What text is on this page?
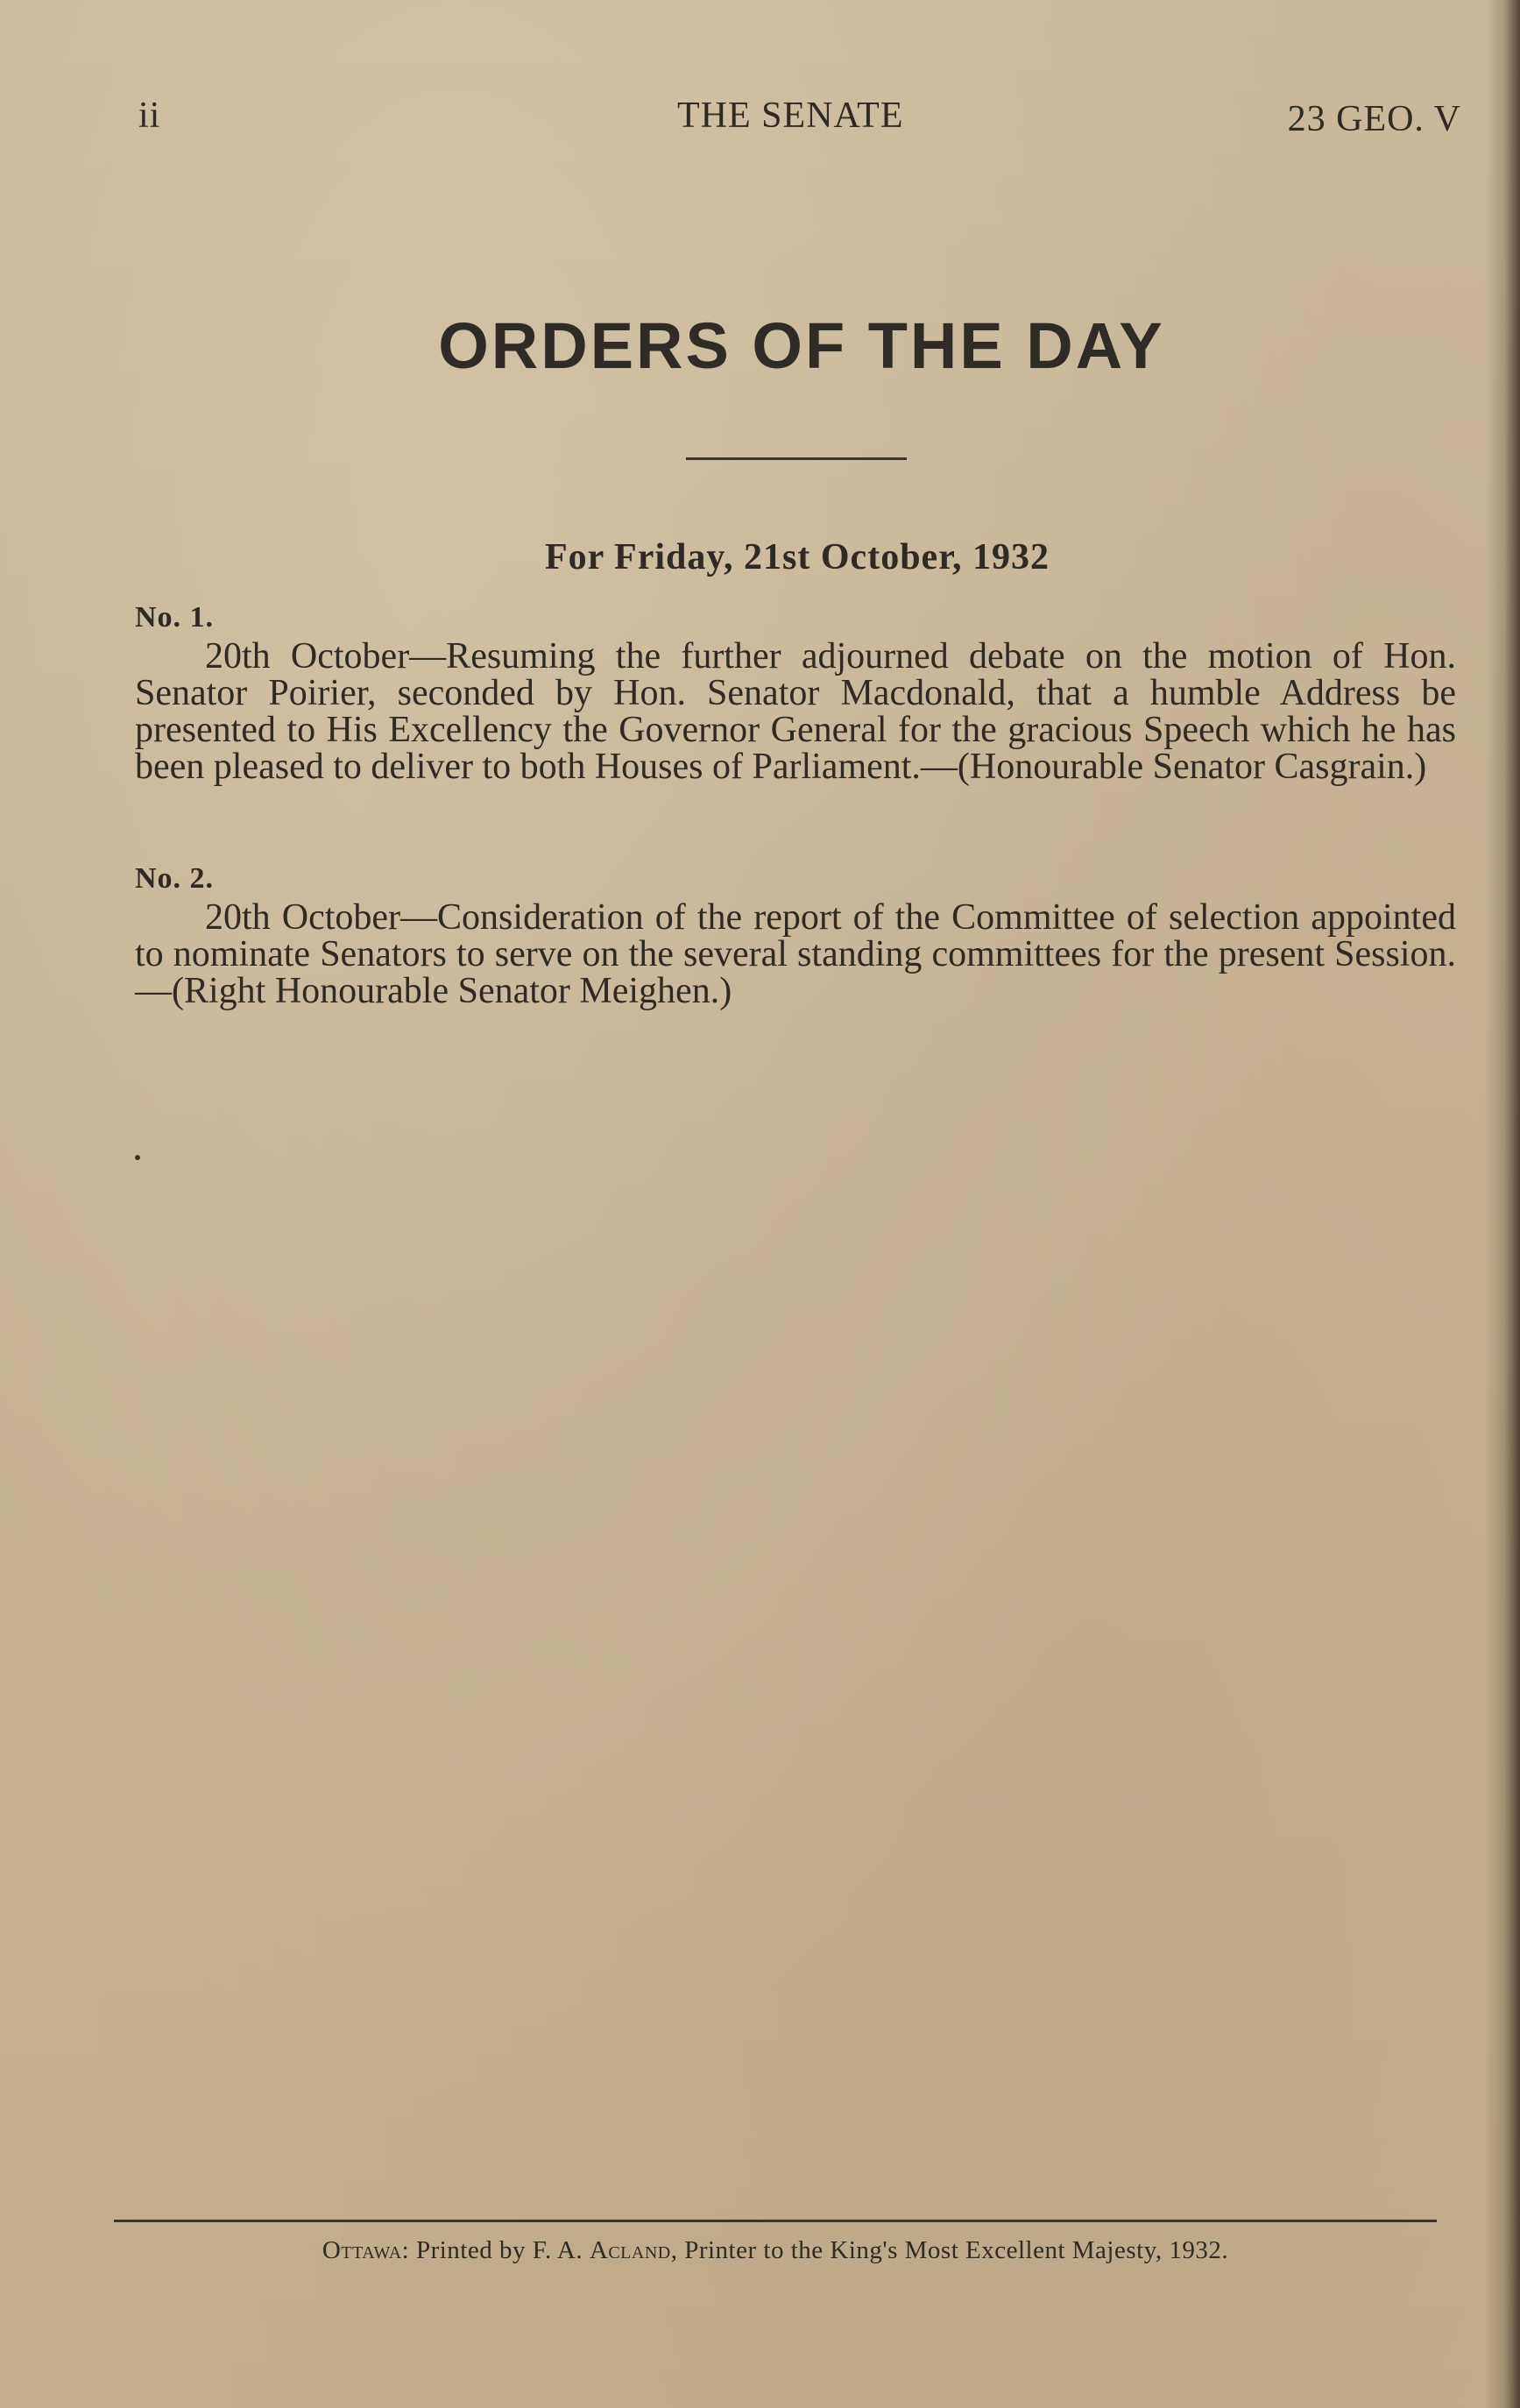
ii	THE SENATE	23 GEO. V
ORDERS OF THE DAY
For Friday, 21st October, 1932
No. 1.

20th October—Resuming the further adjourned debate on the motion of Hon. Senator Poirier, seconded by Hon. Senator Macdonald, that a humble Address be presented to His Excellency the Governor General for the gracious Speech which he has been pleased to deliver to both Houses of Parliament.—(Honourable Senator Casgrain.)

No. 2.

20th October—Consideration of the report of the Committee of selection appointed to nominate Senators to serve on the several standing committees for the present Session.—(Right Honourable Senator Meighen.)

Ottawa: Printed by F. A. Acland, Printer to the King's Most Excellent Majesty, 1932.
